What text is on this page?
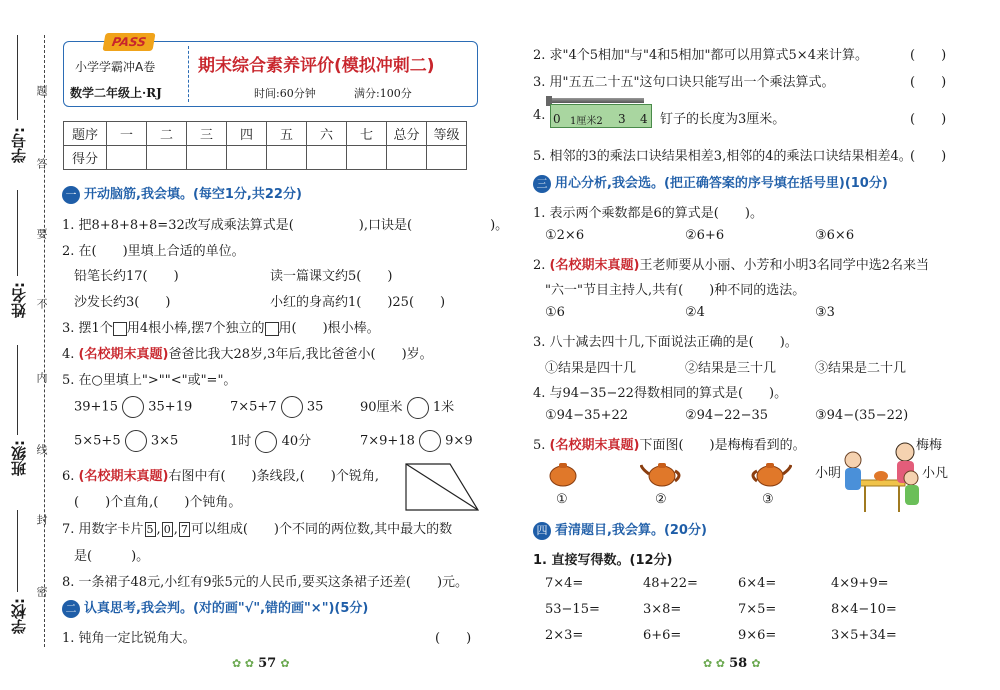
学号:
姓名:
班级:
学校:
题
答
要
不
内
线
封
密
PASS
小学学霸冲A卷
数学二年级上·RJ
期末综合素养评价(模拟冲刺二)
时间:60分钟	满分:100分
题序	一	二	三	四	五	六	七	总分	等级
得分									
一 开动脑筋,我会填。(每空1分,共22分)
1. 把8+8+8+8=32改写成乘法算式是(　　　　　),口诀是(　　　　　　)。
2. 在(　　)里填上合适的单位。
铅笔长约17(　　)	读一篇课文约5(　　)
沙发长约3(　　)	小红的身高约1(　　)25(　　)
3. 摆1个 用4根小棒,摆7个独立的 用(　　)根小棒。
4. (名校期末真题)爸爸比我大28岁,3年后,我比爸爸小(　　)岁。
5. 在○里填上">""<"或"="。
39+15 35+19	7×5+7 35	90厘米 1米
5×5+5 3×5	1时 40分	7×9+18 9×9
6. (名校期末真题)右图中有(　　)条线段,(　　)个锐角,
(　　)个直角,(　　)个钝角。
7. 用数字卡片 5 , 0 , 7 可以组成(　　)个不同的两位数,其中最大的数
是(　　　)。
8. 一条裙子48元,小红有9张5元的人民币,要买这条裙子还差(　　)元。
二 认真思考,我会判。(对的画"√",错的画"×")(5分)
1. 钝角一定比锐角大。	(　　)
✿ ✿ 57 ✿
2. 求"4个5相加"与"4和5相加"都可以用算式5×4来计算。	(　　)
3. 用"五五二十五"这句口诀只能写出一个乘法算式。	(　　)
4. 0 1厘米2 3 4 钉子的长度为3厘米。	(　　)
5. 相邻的3的乘法口诀结果相差3,相邻的4的乘法口诀结果相差4。
(　　)
三 用心分析,我会选。(把正确答案的序号填在括号里)(10分)
1. 表示两个乘数都是6的算式是(　　)。
①2×6	②6+6	③6×6
2. (名校期末真题)王老师要从小丽、小芳和小明3名同学中选2名来当
"六一"节目主持人,共有(　　)种不同的选法。
①6	②4	③3
3. 八十减去四十几,下面说法正确的是(　　)。
①结果是四十几	②结果是三十几	③结果是二十几
4. 与94−35−22得数相同的算式是(　　)。
①94−35+22	②94−22−35	③94−(35−22)
5. (名校期末真题)下面图(　　)是梅梅看到的。
①	②	③
梅梅
小明	小凡
四 看清题目,我会算。(20分)
1. 直接写得数。(12分)
7×4=	48+22=	6×4=	4×9+9=
53−15=	3×8=	7×5=	8×4−10=
2×3=	6+6=	9×6=	3×5+34=
✿ ✿ 58 ✿
